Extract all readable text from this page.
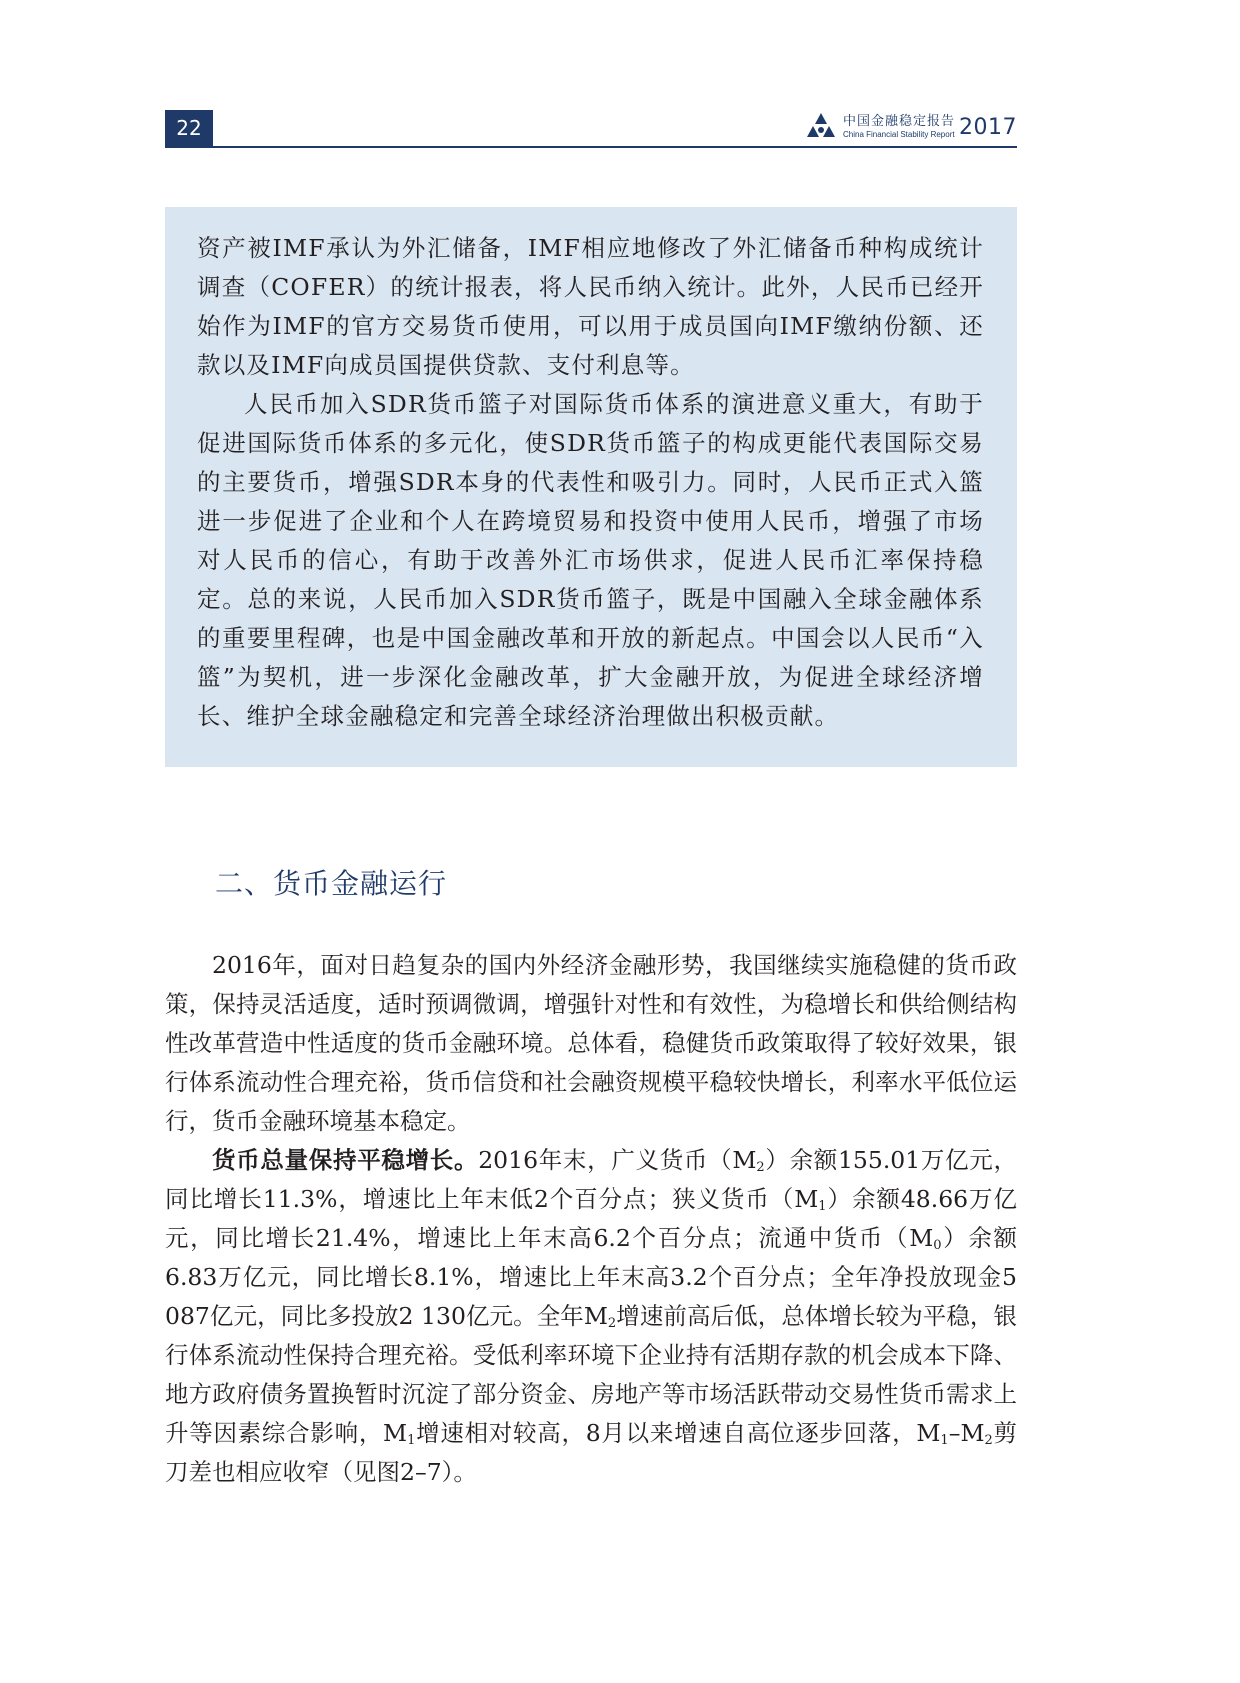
22	中国金融稳定报告
China Financial Stability Report 2017

资产被IMF承认为外汇储备，IMF相应地修改了外汇储备币种构成统计调查（COFER）的统计报表，将人民币纳入统计。此外，人民币已经开始作为IMF的官方交易货币使用，可以用于成员国向IMF缴纳份额、还款以及IMF向成员国提供贷款、支付利息等。

人民币加入SDR货币篮子对国际货币体系的演进意义重大，有助于促进国际货币体系的多元化，使SDR货币篮子的构成更能代表国际交易的主要货币，增强SDR本身的代表性和吸引力。同时，人民币正式入篮进一步促进了企业和个人在跨境贸易和投资中使用人民币，增强了市场对人民币的信心，有助于改善外汇市场供求，促进人民币汇率保持稳定。总的来说，人民币加入SDR货币篮子，既是中国融入全球金融体系的重要里程碑，也是中国金融改革和开放的新起点。中国会以人民币“入篮”为契机，进一步深化金融改革，扩大金融开放，为促进全球经济增长、维护全球金融稳定和完善全球经济治理做出积极贡献。

二、货币金融运行

2016年，面对日趋复杂的国内外经济金融形势，我国继续实施稳健的货币政策，保持灵活适度，适时预调微调，增强针对性和有效性，为稳增长和供给侧结构性改革营造中性适度的货币金融环境。总体看，稳健货币政策取得了较好效果，银行体系流动性合理充裕，货币信贷和社会融资规模平稳较快增长，利率水平低位运行，货币金融环境基本稳定。

货币总量保持平稳增长。2016年末，广义货币$(M_2)$余额155.01万亿元，同比增长11.3%，增速比上年末低2个百分点；狭义货币$(M_1)$余额48.66万亿元，同比增长21.4%，增速比上年末高6.2个百分点；流通中货币$(M_0)$余额6.83万亿元，同比增长8.1%，增速比上年末高3.2个百分点；全年净投放现金5 087亿元，同比多投放2 130亿元。全年$M_2$增速前高后低，总体增长较为平稳，银行体系流动性保持合理充裕。受低利率环境下企业持有活期存款的机会成本下降、地方政府债务置换暂时沉淀了部分资金、房地产等市场活跃带动交易性货币需求上升等因素综合影响，$M_1$增速相对较高，8月以来增速自高位逐步回落，$M_1-M_2$剪刀差也相应收窄（见图2–7）。
